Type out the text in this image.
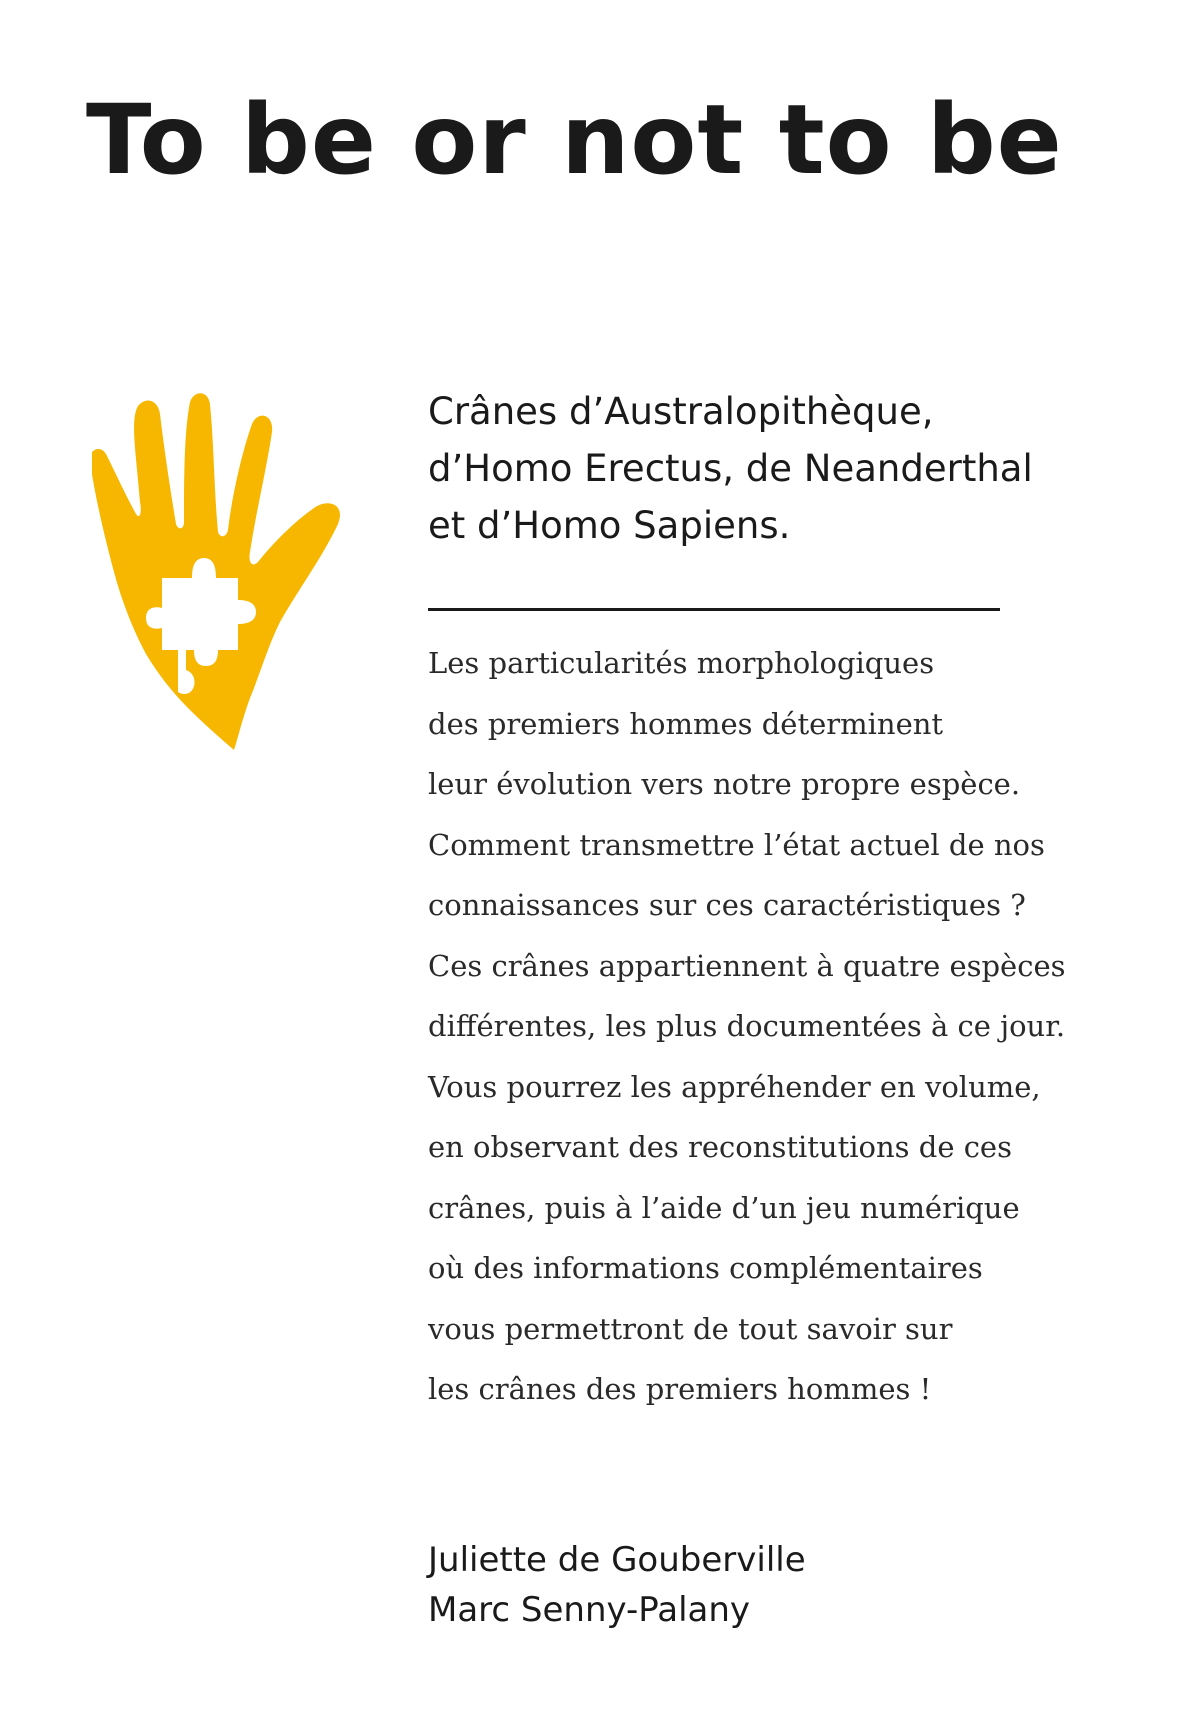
To be or not to be
Crânes d’Australopithèque,
d’Homo Erectus, de Neanderthal
et d’Homo Sapiens.

Les particularités morphologiques
des premiers hommes déterminent
leur évolution vers notre propre espèce.
Comment transmettre l’état actuel de nos
connaissances sur ces caractéristiques ?
Ces crânes appartiennent à quatre espèces
différentes, les plus documentées à ce jour.
Vous pourrez les appréhender en volume,
en observant des reconstitutions de ces
crânes, puis à l’aide d’un jeu numérique
où des informations complémentaires
vous permettront de tout savoir sur
les crânes des premiers hommes !

Juliette de Gouberville
Marc Senny-Palany
